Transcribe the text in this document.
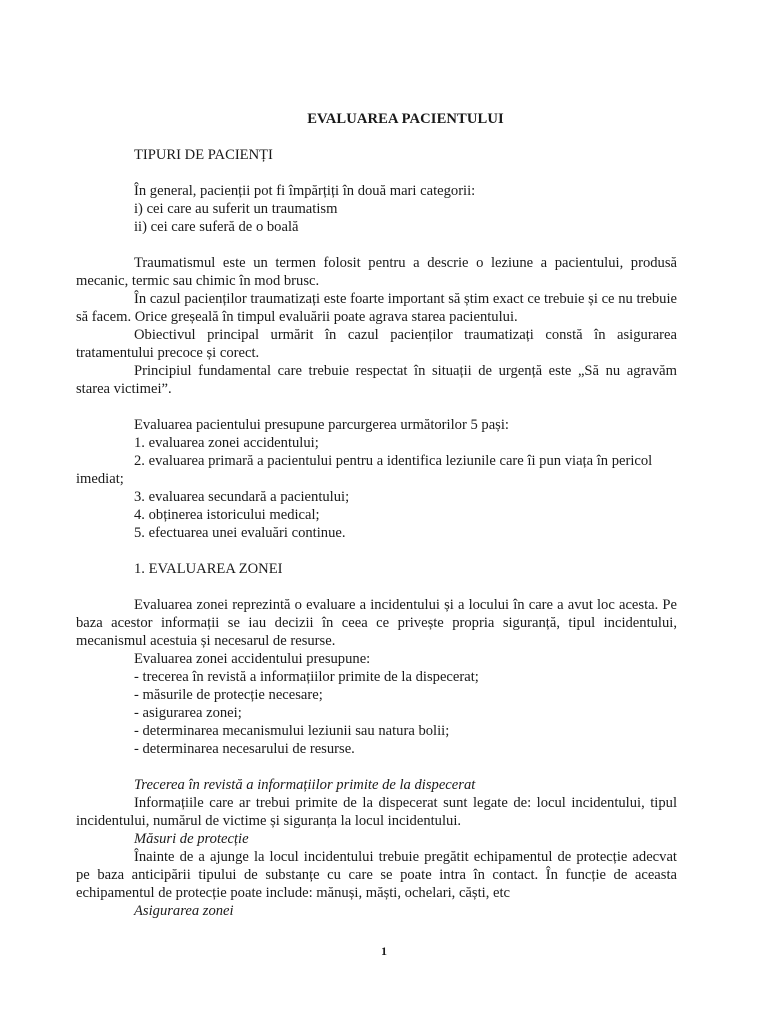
EVALUAREA PACIENTULUI

TIPURI DE PACIENȚI

În general, pacienții pot fi împărțiți în două mari categorii:

i) cei care au suferit un traumatism

ii) cei care suferă de o boală

Traumatismul este un termen folosit pentru a descrie o leziune a pacientului, produsă mecanic, termic sau chimic în mod brusc.

În cazul pacienților traumatizați este foarte important să știm exact ce trebuie și ce nu trebuie să facem. Orice greșeală în timpul evaluării poate agrava starea pacientului.

Obiectivul principal urmărit în cazul pacienților traumatizați constă în asigurarea tratamentului precoce și corect.

Principiul fundamental care trebuie respectat în situații de urgență este „Să nu agravăm starea victimei”.

Evaluarea pacientului presupune parcurgerea următorilor 5 pași:

1. evaluarea zonei accidentului;

2. evaluarea primară a pacientului pentru a identifica leziunile care îi pun viața în pericol imediat;

3. evaluarea secundară a pacientului;

4. obținerea istoricului medical;

5. efectuarea unei evaluări continue.

1. EVALUAREA ZONEI

Evaluarea zonei reprezintă o evaluare a incidentului și a locului în care a avut loc acesta. Pe baza acestor informații se iau decizii în ceea ce privește propria siguranță, tipul incidentului, mecanismul acestuia și necesarul de resurse.

Evaluarea zonei accidentului presupune:

- trecerea în revistă a informațiilor primite de la dispecerat;

- măsurile de protecție necesare;

- asigurarea zonei;

- determinarea mecanismului leziunii sau natura bolii;

- determinarea necesarului de resurse.

Trecerea în revistă a informațiilor primite de la dispecerat

Informațiile care ar trebui primite de la dispecerat sunt legate de: locul incidentului, tipul incidentului, numărul de victime și siguranța la locul incidentului.

Măsuri de protecție

Înainte de a ajunge la locul incidentului trebuie pregătit echipamentul de protecție adecvat pe baza anticipării tipului de substanțe cu care se poate intra în contact. În funcție de aceasta echipamentul de protecție poate include: mănuși, măști, ochelari, căști, etc

Asigurarea zonei

1
